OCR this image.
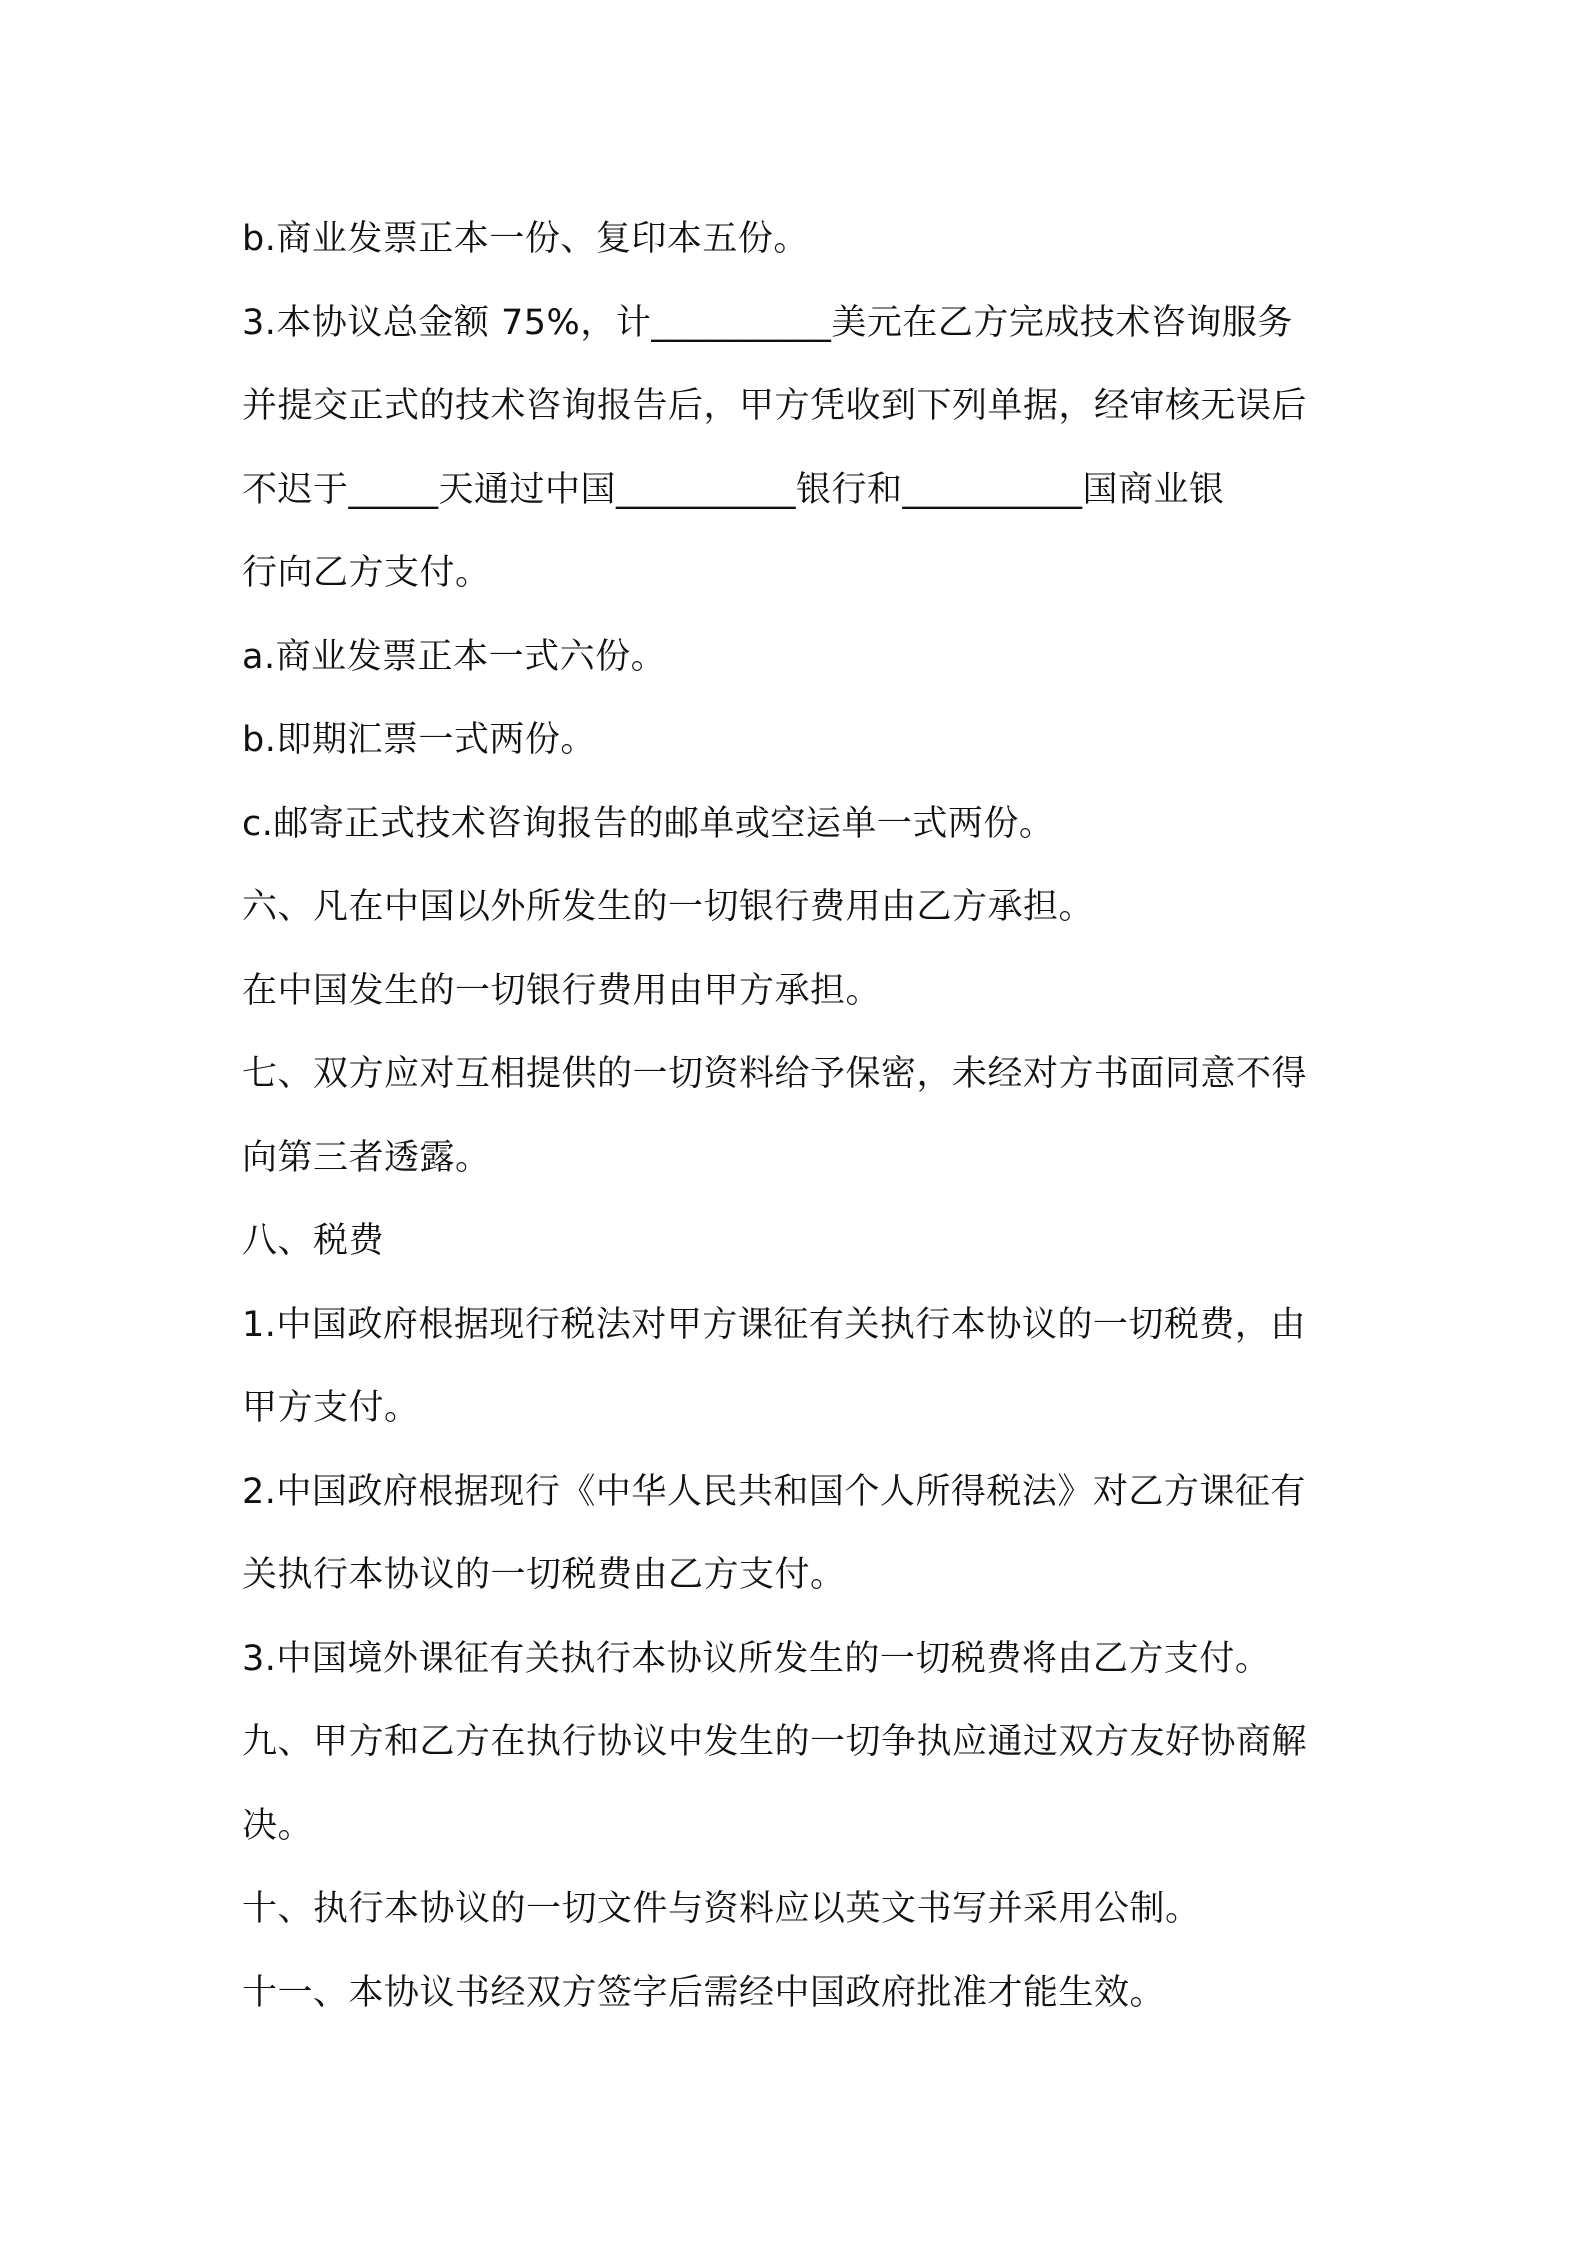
b.商业发票正本一份、复印本五份。
3.本协议总金额 75%，计__________美元在乙方完成技术咨询服务
并提交正式的技术咨询报告后，甲方凭收到下列单据，经审核无误后
不迟于_____天通过中国__________银行和__________国商业银
行向乙方支付。
a.商业发票正本一式六份。
b.即期汇票一式两份。
c.邮寄正式技术咨询报告的邮单或空运单一式两份。
六、凡在中国以外所发生的一切银行费用由乙方承担。
在中国发生的一切银行费用由甲方承担。
七、双方应对互相提供的一切资料给予保密，未经对方书面同意不得
向第三者透露。
八、税费
1.中国政府根据现行税法对甲方课征有关执行本协议的一切税费，由
甲方支付。
2.中国政府根据现行《中华人民共和国个人所得税法》对乙方课征有
关执行本协议的一切税费由乙方支付。
3.中国境外课征有关执行本协议所发生的一切税费将由乙方支付。
九、甲方和乙方在执行协议中发生的一切争执应通过双方友好协商解
决。
十、执行本协议的一切文件与资料应以英文书写并采用公制。
十一、本协议书经双方签字后需经中国政府批准才能生效。
